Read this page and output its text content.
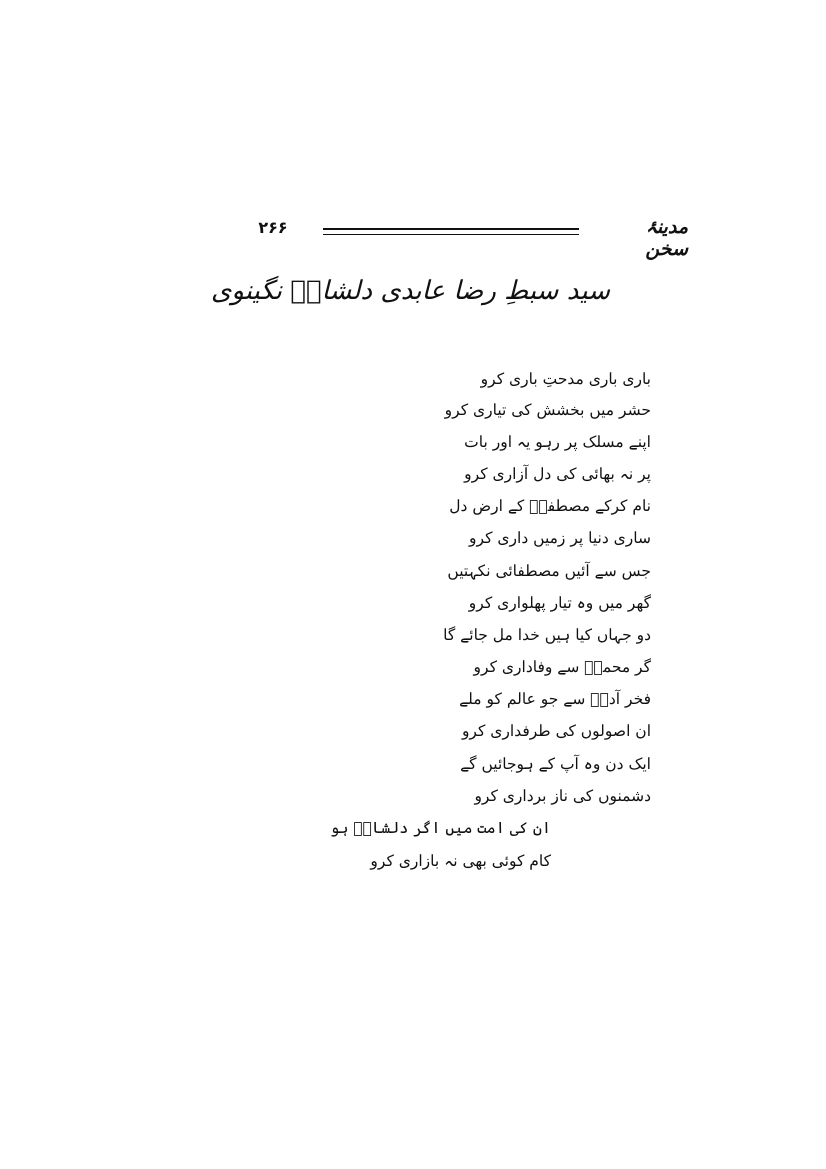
۲۶۶	مدینۂ سخن
سید سبطِ رضا عابدی دلشادؔ نگینوی
باری باری مدحتِ باری کرو
حشر میں بخشش کی تیاری کرو
اپنے مسلک پر رہو یہ اور بات
پر نہ بھائی کی دل آزاری کرو
نام کرکے مصطفیؐ کے ارض دل
ساری دنیا پر زمیں داری کرو
جس سے آئیں مصطفائی نکہتیں
گھر میں وہ تیار پھلواری کرو
دو جہاں کیا ہیں خدا مل جائے گا
گر محمدؐ سے وفاداری کرو
فخر آدمؑ سے جو عالم کو ملے
ان اصولوں کی طرفداری کرو
ایک دن وہ آپ کے ہوجائیں گے
دشمنوں کی ناز برداری کرو
ان کی امت میں اگر دلشادؔ ہو
کام کوئی بھی نہ بازاری کرو
